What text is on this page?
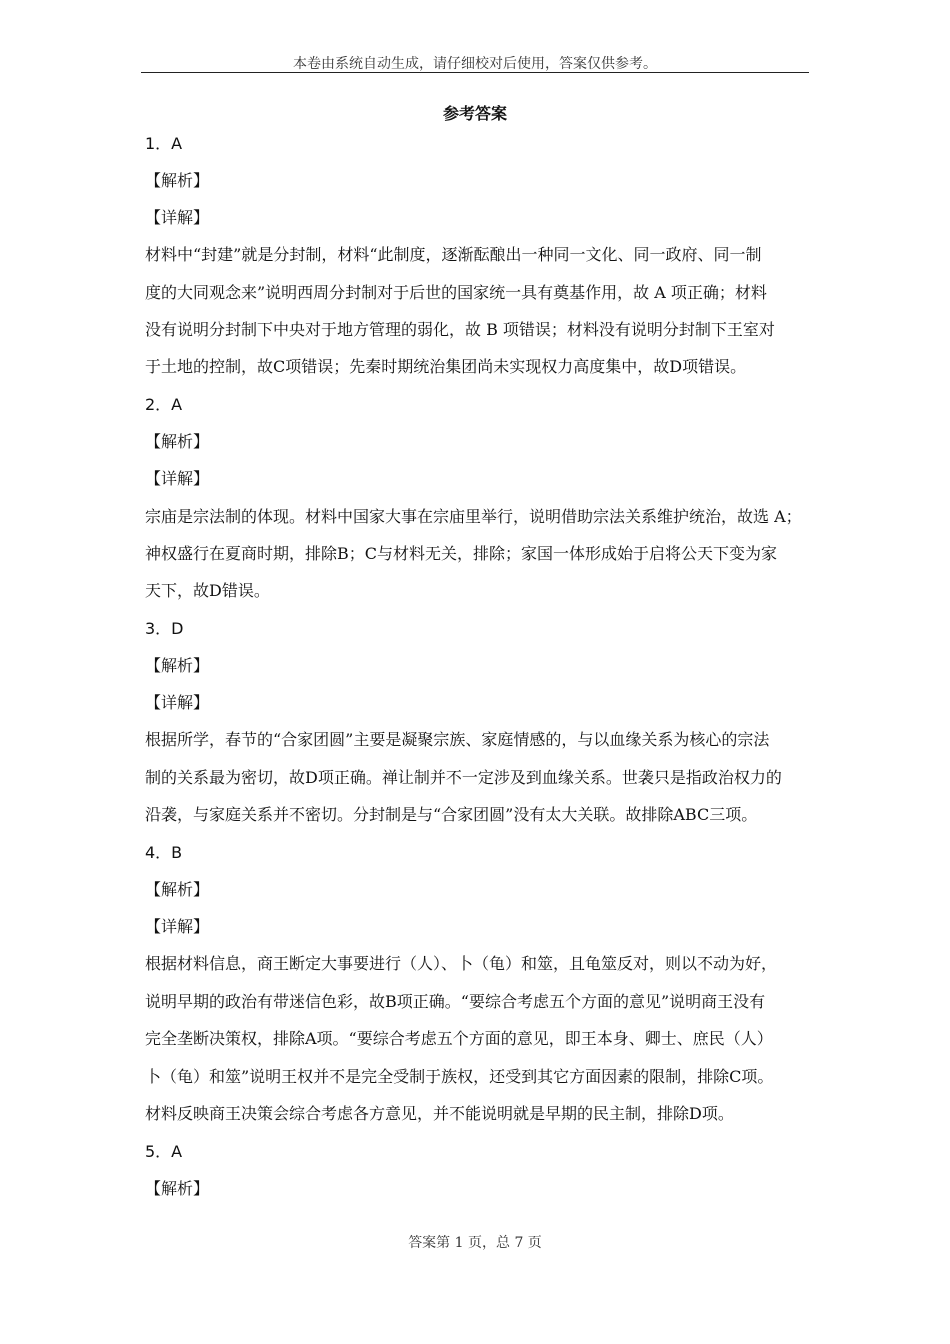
本卷由系统自动生成，请仔细校对后使用，答案仅供参考。
参考答案
1．A
【解析】
【详解】
材料中“封建”就是分封制，材料“此制度，逐渐酝酿出一种同一文化、同一政府、同一制
度的大同观念来”说明西周分封制对于后世的国家统一具有奠基作用，故 A 项正确；材料
没有说明分封制下中央对于地方管理的弱化，故 B 项错误；材料没有说明分封制下王室对
于土地的控制，故C项错误；先秦时期统治集团尚未实现权力高度集中，故D项错误。
2．A
【解析】
【详解】
宗庙是宗法制的体现。材料中国家大事在宗庙里举行，说明借助宗法关系维护统治，故选 A；
神权盛行在夏商时期，排除B；C与材料无关，排除；家国一体形成始于启将公天下变为家
天下，故D错误。
3．D
【解析】
【详解】
根据所学，春节的“合家团圆”主要是凝聚宗族、家庭情感的，与以血缘关系为核心的宗法
制的关系最为密切，故D项正确。禅让制并不一定涉及到血缘关系。世袭只是指政治权力的
沿袭，与家庭关系并不密切。分封制是与“合家团圆”没有太大关联。故排除ABC三项。
4．B
【解析】
【详解】
根据材料信息，商王断定大事要进行（人）、卜（龟）和筮，且龟筮反对，则以不动为好，
说明早期的政治有带迷信色彩，故B项正确。“要综合考虑五个方面的意见”说明商王没有
完全垄断决策权，排除A项。“要综合考虑五个方面的意见，即王本身、卿士、庶民（人）
卜（龟）和筮”说明王权并不是完全受制于族权，还受到其它方面因素的限制，排除C项。
材料反映商王决策会综合考虑各方意见，并不能说明就是早期的民主制，排除D项。
5．A
【解析】
答案第 1 页，总 7 页
